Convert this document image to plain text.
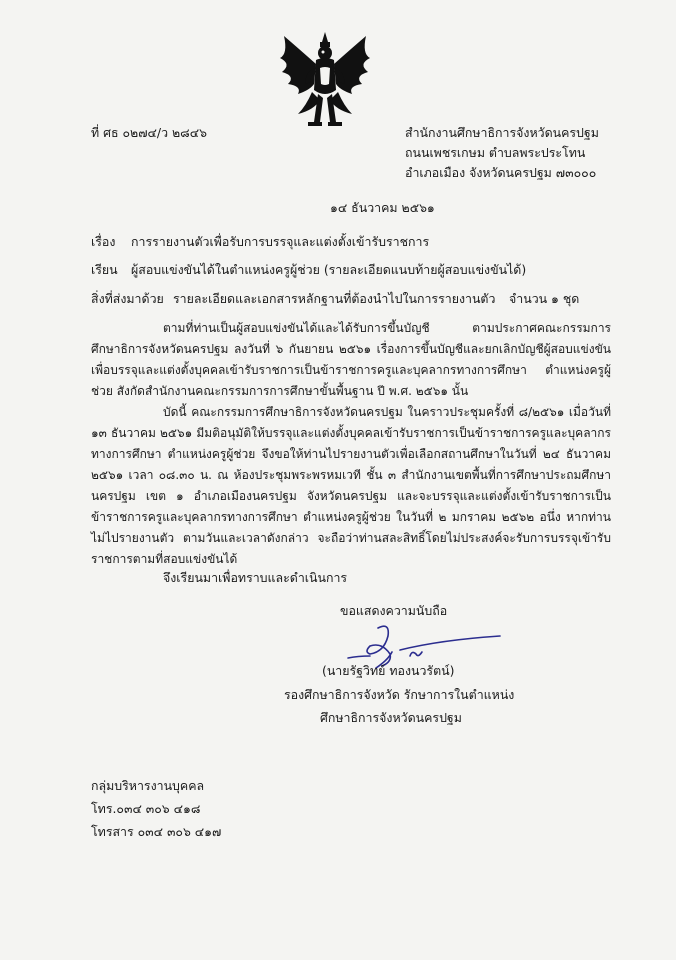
ที่ ศธ ๐๒๗๔/ว ๒๘๔๖	สำนักงานศึกษาธิการจังหวัดนครปฐม
ถนนเพชรเกษม ตำบลพระประโทน
อำเภอเมือง จังหวัดนครปฐม ๗๓๐๐๐
๑๔ ธันวาคม ๒๕๖๑
เรื่อง การรายงานตัวเพื่อรับการบรรจุและแต่งตั้งเข้ารับราชการ
เรียน ผู้สอบแข่งขันได้ในตำแหน่งครูผู้ช่วย (รายละเอียดแนบท้ายผู้สอบแข่งขันได้)
สิ่งที่ส่งมาด้วย รายละเอียดและเอกสารหลักฐานที่ต้องนำไปในการรายงานตัว จำนวน ๑ ชุด
ตามที่ท่านเป็นผู้สอบแข่งขันได้และได้รับการขึ้นบัญชี ตามประกาศคณะกรรมการศึกษาธิการจังหวัดนครปฐม ลงวันที่ ๖ กันยายน ๒๕๖๑ เรื่องการขึ้นบัญชีและยกเลิกบัญชีผู้สอบแข่งขันเพื่อบรรจุและแต่งตั้งบุคคลเข้ารับราชการเป็นข้าราชการครูและบุคลากรทางการศึกษา ตำแหน่งครูผู้ช่วย สังกัดสำนักงานคณะกรรมการการศึกษาขั้นพื้นฐาน ปี พ.ศ. ๒๕๖๑ นั้น
บัดนี้ คณะกรรมการศึกษาธิการจังหวัดนครปฐม ในคราวประชุมครั้งที่ ๘/๒๕๖๑ เมื่อวันที่ ๑๓ ธันวาคม ๒๕๖๑ มีมติอนุมัติให้บรรจุและแต่งตั้งบุคคลเข้ารับราชการเป็นข้าราชการครูและบุคลากรทางการศึกษา ตำแหน่งครูผู้ช่วย จึงขอให้ท่านไปรายงานตัวเพื่อเลือกสถานศึกษาในวันที่ ๒๔ ธันวาคม ๒๕๖๑ เวลา ๐๘.๓๐ น. ณ ห้องประชุมพระพรหมเวที ชั้น ๓ สำนักงานเขตพื้นที่การศึกษาประถมศึกษานครปฐม เขต ๑ อำเภอเมืองนครปฐม จังหวัดนครปฐม และจะบรรจุและแต่งตั้งเข้ารับราชการเป็นข้าราชการครูและบุคลากรทางการศึกษา ตำแหน่งครูผู้ช่วย ในวันที่ ๒ มกราคม ๒๕๖๒ อนึ่ง หากท่านไม่ไปรายงานตัว ตามวันและเวลาดังกล่าว จะถือว่าท่านสละสิทธิ์โดยไม่ประสงค์จะรับการบรรจุเข้ารับราชการตามที่สอบแข่งขันได้
จึงเรียนมาเพื่อทราบและดำเนินการ
ขอแสดงความนับถือ
(นายรัฐวิทย์ ทองนวรัตน์)
รองศึกษาธิการจังหวัด รักษาการในตำแหน่ง
ศึกษาธิการจังหวัดนครปฐม
กลุ่มบริหารงานบุคคล
โทร.๐๓๔ ๓๐๖ ๔๑๘
โทรสาร ๐๓๔ ๓๐๖ ๔๑๗
